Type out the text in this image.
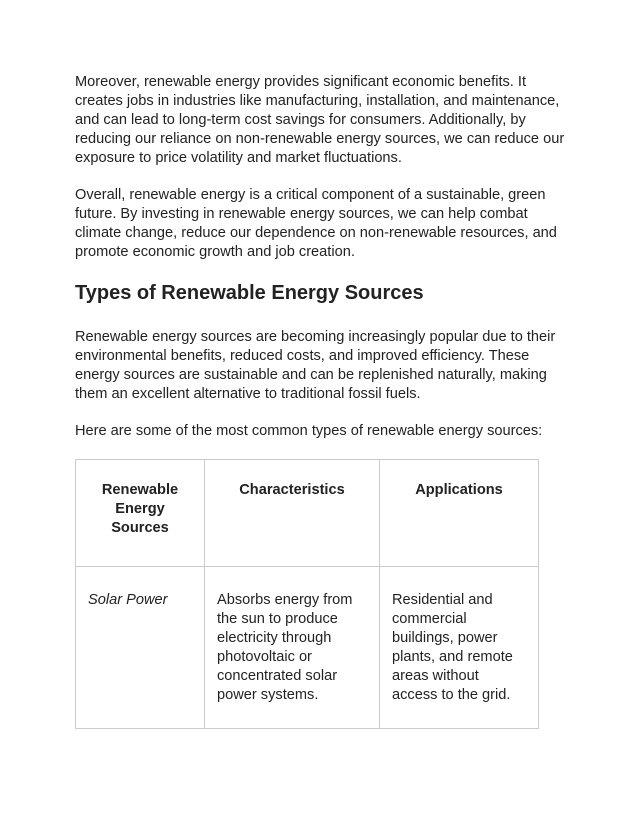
Moreover, renewable energy provides significant economic benefits. It creates jobs in industries like manufacturing, installation, and maintenance, and can lead to long-term cost savings for consumers. Additionally, by reducing our reliance on non-renewable energy sources, we can reduce our exposure to price volatility and market fluctuations.

Overall, renewable energy is a critical component of a sustainable, green future. By investing in renewable energy sources, we can help combat climate change, reduce our dependence on non-renewable resources, and promote economic growth and job creation.

Types of Renewable Energy Sources

Renewable energy sources are becoming increasingly popular due to their environmental benefits, reduced costs, and improved efficiency. These energy sources are sustainable and can be replenished naturally, making them an excellent alternative to traditional fossil fuels.

Here are some of the most common types of renewable energy sources:

Renewable Energy Sources	Characteristics	Applications
Solar Power	Absorbs energy from the sun to produce electricity through photovoltaic or concentrated solar power systems.	Residential and commercial buildings, power plants, and remote areas without access to the grid.
